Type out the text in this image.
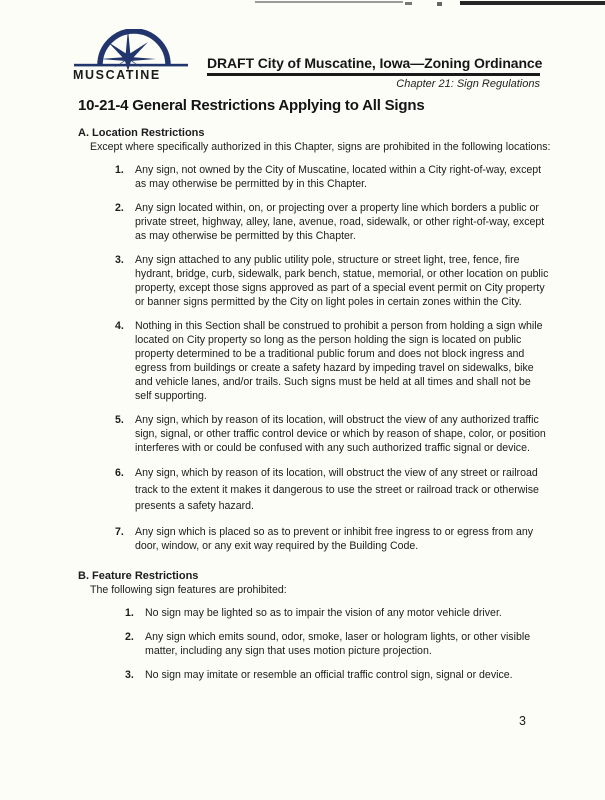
MUSCATINE
DRAFT City of Muscatine, Iowa—Zoning Ordinance
Chapter 21: Sign Regulations
10-21-4 General Restrictions Applying to All Signs
A. Location Restrictions
Except where specifically authorized in this Chapter, signs are prohibited in the following locations:
1.	Any sign, not owned by the City of Muscatine, located within a City right-of-way, except as may otherwise be permitted by in this Chapter.
2.	Any sign located within, on, or projecting over a property line which borders a public or private street, highway, alley, lane, avenue, road, sidewalk, or other right-of-way, except as may otherwise be permitted by this Chapter.
3.	Any sign attached to any public utility pole, structure or street light, tree, fence, fire hydrant, bridge, curb, sidewalk, park bench, statue, memorial, or other location on public property, except those signs approved as part of a special event permit on City property or banner signs permitted by the City on light poles in certain zones within the City.
4.	Nothing in this Section shall be construed to prohibit a person from holding a sign while located on City property so long as the person holding the sign is located on public property determined to be a traditional public forum and does not block ingress and egress from buildings or create a safety hazard by impeding travel on sidewalks, bike and vehicle lanes, and/or trails. Such signs must be held at all times and shall not be self supporting.
5.	Any sign, which by reason of its location, will obstruct the view of any authorized traffic sign, signal, or other traffic control device or which by reason of shape, color, or position interferes with or could be confused with any such authorized traffic signal or device.
6.	Any sign, which by reason of its location, will obstruct the view of any street or railroad track to the extent it makes it dangerous to use the street or railroad track or otherwise presents a safety hazard.
7.	Any sign which is placed so as to prevent or inhibit free ingress to or egress from any door, window, or any exit way required by the Building Code.
B. Feature Restrictions
The following sign features are prohibited:
1.	No sign may be lighted so as to impair the vision of any motor vehicle driver.
2.	Any sign which emits sound, odor, smoke, laser or hologram lights, or other visible matter, including any sign that uses motion picture projection.
3.	No sign may imitate or resemble an official traffic control sign, signal or device.
3
